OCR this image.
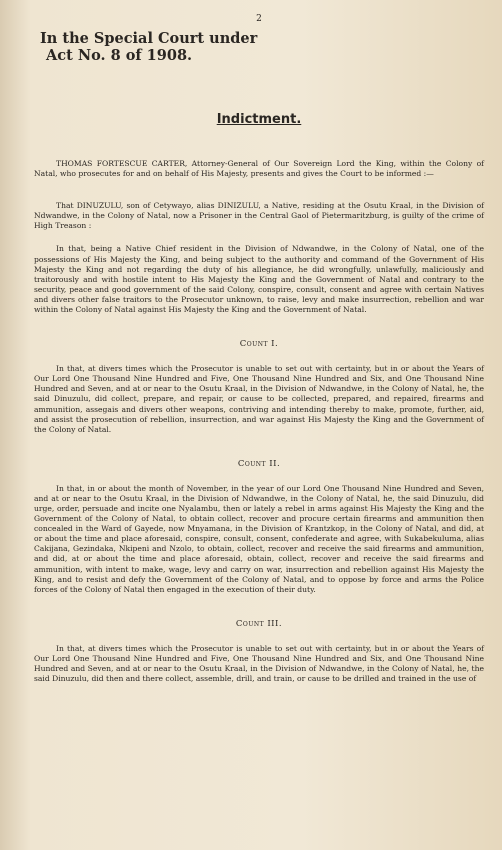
2
In the Special Court under
Act No. 8 of 1908.
Indictment.

THOMAS FORTESCUE CARTER, Attorney-General of Our Sovereign Lord the King, within the Colony of Natal, who prosecutes for and on behalf of His Majesty, presents and gives the Court to be informed :—

That DINUZULU, son of Cetywayo, alias DINIZULU, a Native, residing at the Osutu Kraal, in the Division of Ndwandwe, in the Colony of Natal, now a Prisoner in the Central Gaol of Pietermaritzburg, is guilty of the crime of High Treason :

In that, being a Native Chief resident in the Division of Ndwandwe, in the Colony of Natal, one of the possessions of His Majesty the King, and being subject to the authority and command of the Government of His Majesty the King and not regarding the duty of his allegiance, he did wrongfully, unlawfully, maliciously and traitorously and with hostile intent to His Majesty the King and the Government of Natal and contrary to the security, peace and good government of the said Colony, conspire, consult, consent and agree with certain Natives and divers other false traitors to the Prosecutor unknown, to raise, levy and make insurrection, rebellion and war within the Colony of Natal against His Majesty the King and the Government of Natal.

Count I.

In that, at divers times which the Prosecutor is unable to set out with certainty, but in or about the Years of Our Lord One Thousand Nine Hundred and Five, One Thousand Nine Hundred and Six, and One Thousand Nine Hundred and Seven, and at or near to the Osutu Kraal, in the Division of Ndwandwe, in the Colony of Natal, he, the said Dinuzulu, did collect, prepare, and repair, or cause to be collected, prepared, and repaired, firearms and ammunition, assegais and divers other weapons, contriving and intending thereby to make, promote, further, aid, and assist the prosecution of rebellion, insurrection, and war against His Majesty the King and the Government of the Colony of Natal.

Count II.

In that, in or about the month of November, in the year of our Lord One Thousand Nine Hundred and Seven, and at or near to the Osutu Kraal, in the Division of Ndwandwe, in the Colony of Natal, he, the said Dinuzulu, did urge, order, persuade and incite one Nyalambu, then or lately a rebel in arms against His Majesty the King and the Government of the Colony of Natal, to obtain collect, recover and procure certain firearms and ammunition then concealed in the Ward of Gayede, now Mnyamana, in the Division of Krantzkop, in the Colony of Natal, and did, at or about the time and place aforesaid, conspire, consult, consent, confederate and agree, with Sukabekuluma, alias Cakijana, Gezindaka, Nkipeni and Nzolo, to obtain, collect, recover and receive the said firearms and ammunition, and did, at or about the time and place aforesaid, obtain, collect, recover and receive the said firearms and ammunition, with intent to make, wage, levy and carry on war, insurrection and rebellion against His Majesty the King, and to resist and defy the Government of the Colony of Natal, and to oppose by force and arms the Police forces of the Colony of Natal then engaged in the execution of their duty.

Count III.

In that, at divers times which the Prosecutor is unable to set out with certainty, but in or about the Years of Our Lord One Thousand Nine Hundred and Five, One Thousand Nine Hundred and Six, and One Thousand Nine Hundred and Seven, and at or near to the Osutu Kraal, in the Division of Ndwandwe, in the Colony of Natal, he, the said Dinuzulu, did then and there collect, assemble, drill, and train, or cause to be drilled and trained in the use of
